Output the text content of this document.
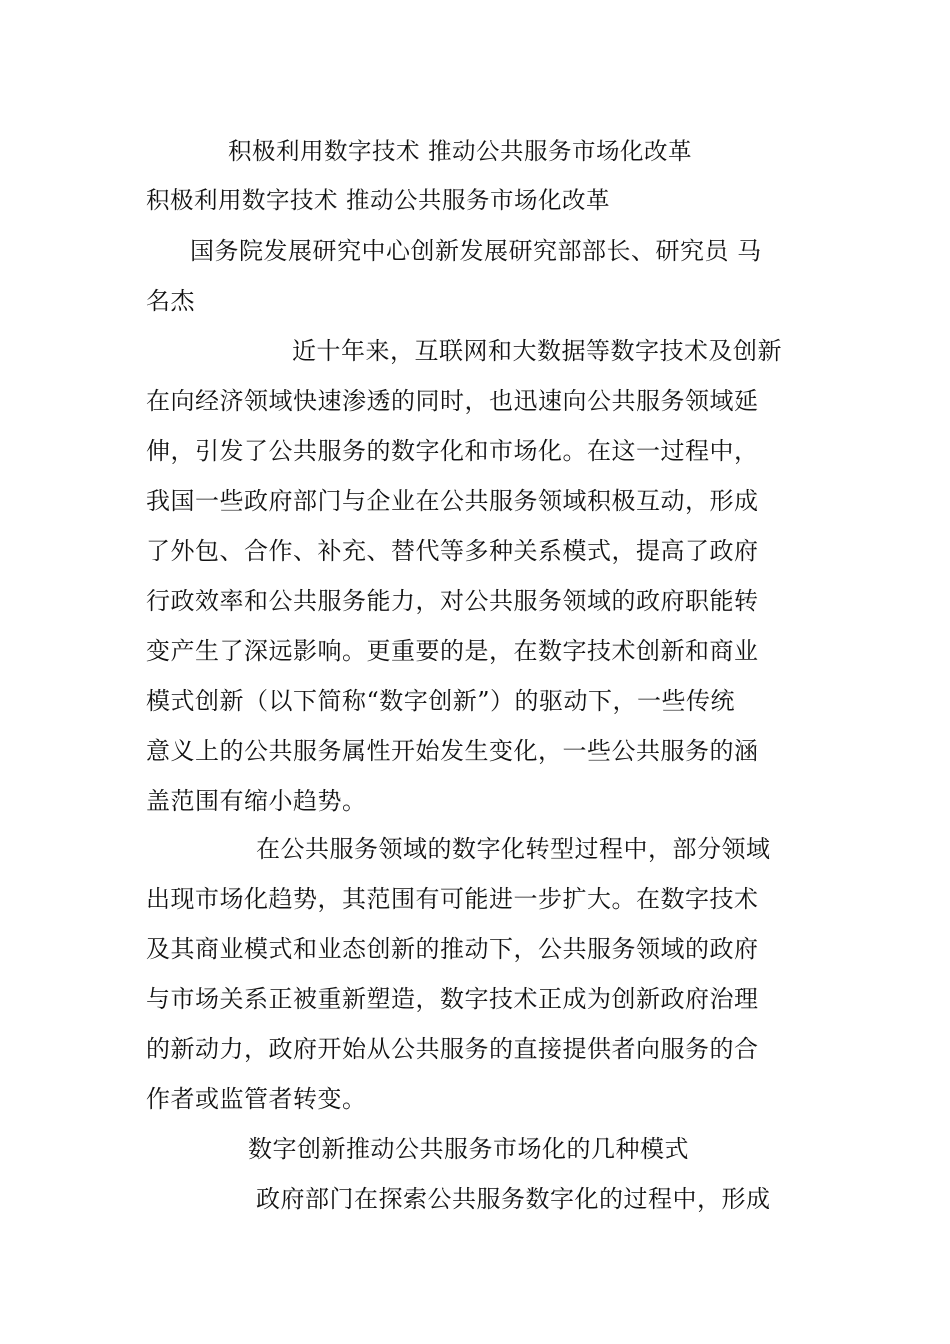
积极利用数字技术 推动公共服务市场化改革
积极利用数字技术 推动公共服务市场化改革
国务院发展研究中心创新发展研究部部长、研究员 马
名杰
近十年来，互联网和大数据等数字技术及创新
在向经济领域快速渗透的同时，也迅速向公共服务领域延
伸，引发了公共服务的数字化和市场化。在这一过程中，
我国一些政府部门与企业在公共服务领域积极互动，形成
了外包、合作、补充、替代等多种关系模式，提高了政府
行政效率和公共服务能力，对公共服务领域的政府职能转
变产生了深远影响。更重要的是，在数字技术创新和商业
模式创新（以下简称“数字创新”）的驱动下，一些传统
意义上的公共服务属性开始发生变化，一些公共服务的涵
盖范围有缩小趋势。
在公共服务领域的数字化转型过程中，部分领域
出现市场化趋势，其范围有可能进一步扩大。在数字技术
及其商业模式和业态创新的推动下，公共服务领域的政府
与市场关系正被重新塑造，数字技术正成为创新政府治理
的新动力，政府开始从公共服务的直接提供者向服务的合
作者或监管者转变。
数字创新推动公共服务市场化的几种模式
政府部门在探索公共服务数字化的过程中，形成
